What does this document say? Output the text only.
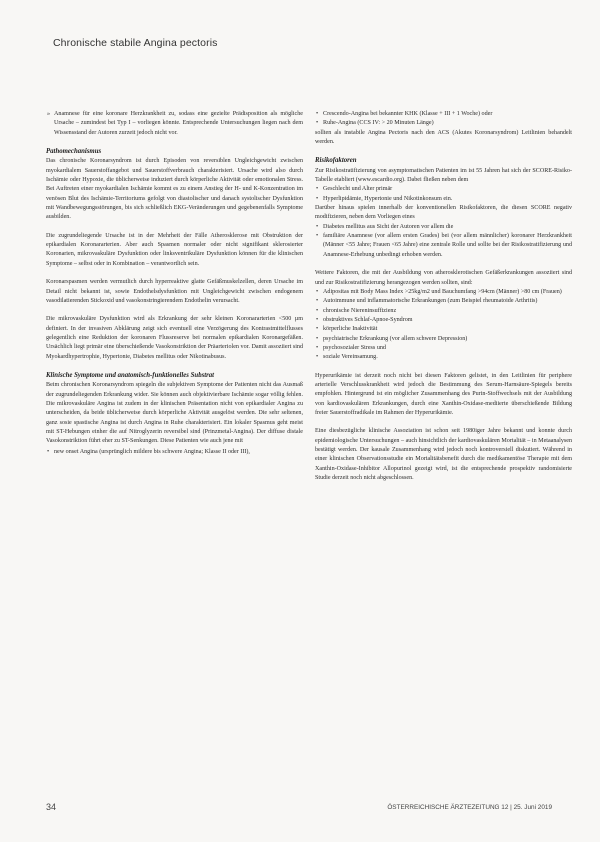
Chronische stabile Angina pectoris
» Anamnese für eine koronare Herzkrankheit zu, sodass eine gezielte Prädisposition als mögliche Ursache – zumindest bei Typ I – vorliegen könnte. Entsprechende Untersuchungen liegen nach dem Wissensstand der Autoren zurzeit jedoch nicht vor.
Pathomechanismus

Das chronische Koronarsyndrom ist durch Episoden von reversiblen Ungleichgewicht zwischen myokardialem Sauerstoffangebot und Sauerstoffverbrauch charakterisiert. Ursache wird also durch Ischämie oder Hypoxie, die üblicherweise induziert durch körperliche Aktivität oder emotionalen Stress. Bei Auftreten einer myokardialen Ischämie kommt es zu einem Anstieg der H- und K-Konzentration im venösen Blut des Ischämie-Territoriums gefolgt von diastolischer und danach systolischer Dysfunktion mit Wandbewegungsstörungen, bis sich schließlich EKG-Veränderungen und gegebenenfalls Symptome ausbilden.

Die zugrundeliegende Ursache ist in der Mehrheit der Fälle Atherosklerose mit Obstruktion der epikardialen Koronararterien. Aber auch Spasmen normaler oder nicht signifikant sklerosierter Koronarien, mikrovaskuläre Dysfunktion oder linksventrikuläre Dysfunktion können für die klinischen Symptome – selbst oder in Kombination – verantwortlich sein.

Koronarspasmen werden vermutlich durch hyperreaktive glatte Gefäßmuskelzellen, deren Ursache im Detail nicht bekannt ist, sowie Endothelsdysfunktion mit Ungleichgewicht zwischen endogenem vasodilatierenden Stickoxid und vasokonstringierendem Endothelin verursacht.

Die mikrovaskuläre Dysfunktion wird als Erkrankung der sehr kleinen Koronararterien <500 µm definiert. In der invasiven Abklärung zeigt sich eventuell eine Verzögerung des Kontrastmittelflusses gelegentlich eine Reduktion der koronaren Flussreserve bei normalen epikardialen Koronargefäßen. Ursächlich liegt primär eine überschießende Vasokonstriktion der Präarteriolen vor. Damit assoziiert sind Myokardhypertrophie, Hypertonie, Diabetes mellitus oder Nikotinabusus.

Klinische Symptome und anatomisch-funktionelles Substrat

Beim chronischen Koronarsyndrom spiegeln die subjektiven Symptome der Patienten nicht das Ausmaß der zugrundeliegenden Erkrankung wider. Sie können auch objektivierbare Ischämie sogar völlig fehlen. Die mikrovaskuläre Angina ist zudem in der klinischen Präsentation nicht von epikardialer Angina zu unterscheiden, da beide üblicherweise durch körperliche Aktivität ausgelöst werden. Die sehr seltenen, ganz sosie spastische Angina ist durch Angina in Ruhe charakterisiert. Ein lokaler Spasmus geht meist mit ST-Hebungen einher die auf Nitroglyzerin reversibel sind (Prinzmetal-Angina). Der diffuse distale Vasokonstriktion führt eher zu ST-Senkungen. Diese Patienten wie auch jene mit

• new onset Angina (ursprünglich mildere bis schwere Angina; Klasse II oder III),
• Crescendo-Angina bei bekannter KHK (Klasse + III + 1 Woche) oder
• Ruhe-Angina (CCS IV: > 20 Minuten Länge)

sollten als instabile Angina Pectoris nach den ACS (Akutes Koronarsyndrom) Leitlinien behandelt werden.

Risikofaktoren

Zur Risikostratifizierung von asymptomatischen Patienten im ist 55 Jahren hat sich der SCORE-Risiko-Tabelle etabliert (www.escardio.org). Dabei fließen neben dem

• Geschlecht und Alter primär
• Hyperlipidämie, Hypertonie und Nikotinkonsum ein.

Darüber hinaus spielen innerhalb der konventionellen Risikofaktoren, die diesen SCORE negativ modifizieren, neben dem Vorliegen eines

• Diabetes mellitus aus Sicht der Autoren vor allem die
• familiäre Anamnese (vor allem ersten Grades) bei (vor allem männlicher) koronarer Herzkrankheit (Männer <55 Jahre; Frauen <65 Jahre) eine zentrale Rolle und sollte bei der Risikostratifizierung und Anamnese-Erhebung unbedingt erhoben werden.

Weitere Faktoren, die mit der Ausbildung von atherosklerotischen Gefäßerkrankungen assoziiert sind und zur Risikostratifizierung herangezogen werden sollten, sind:

• Adipositas mit Body Mass Index >25kg/m2 und Bauchumfang >94cm (Männer) >80 cm (Frauen)
• Autoimmune und inflammatorische Erkrankungen (zum Beispiel rheumatoide Arthritis)
• chronische Niereninsuffizienz
• obstruktives Schlaf-Apnoe-Syndrom
• körperliche Inaktivität
• psychiatrische Erkrankung (vor allem schwere Depression)
• psychosozialer Stress und
• soziale Vereinsamung.

Hyperurikämie ist derzeit noch nicht bei diesen Faktoren gelistet, in den Leitlinien für periphere arterielle Verschlusskrankheit wird jedoch die Bestimmung des Serum-Harnsäure-Spiegels bereits empfohlen. Hintergrund ist ein möglicher Zusammenhang des Purin-Stoffwechsels mit der Ausbildung von kardiovaskulären Erkrankungen, durch eine Xanthin-Oxidase-mediierte überschießende Bildung freier Sauerstoffradikale im Rahmen der Hyperurikämie.

Eine diesbezügliche klinische Assoziation ist schon seit 1980iger Jahre bekannt und konnte durch epidemiologische Untersuchungen – auch hinsichtlich der kardiovaskulären Mortalität – in Metaanalysen bestätigt werden. Der kausale Zusammenhang wird jedoch noch kontroversiell diskutiert. Während in einer klinischen Observationsstudie ein Mortalitätsbenefit durch die medikamentöse Therapie mit dem Xanthin-Oxidase-Inhibitor Allopurinol gezeigt wird, ist die entsprechende prospektiv randomisierte Studie derzeit noch nicht abgeschlossen.

34	ÖSTERREICHISCHE ÄRZTEZEITUNG 12 | 25. Juni 2019
